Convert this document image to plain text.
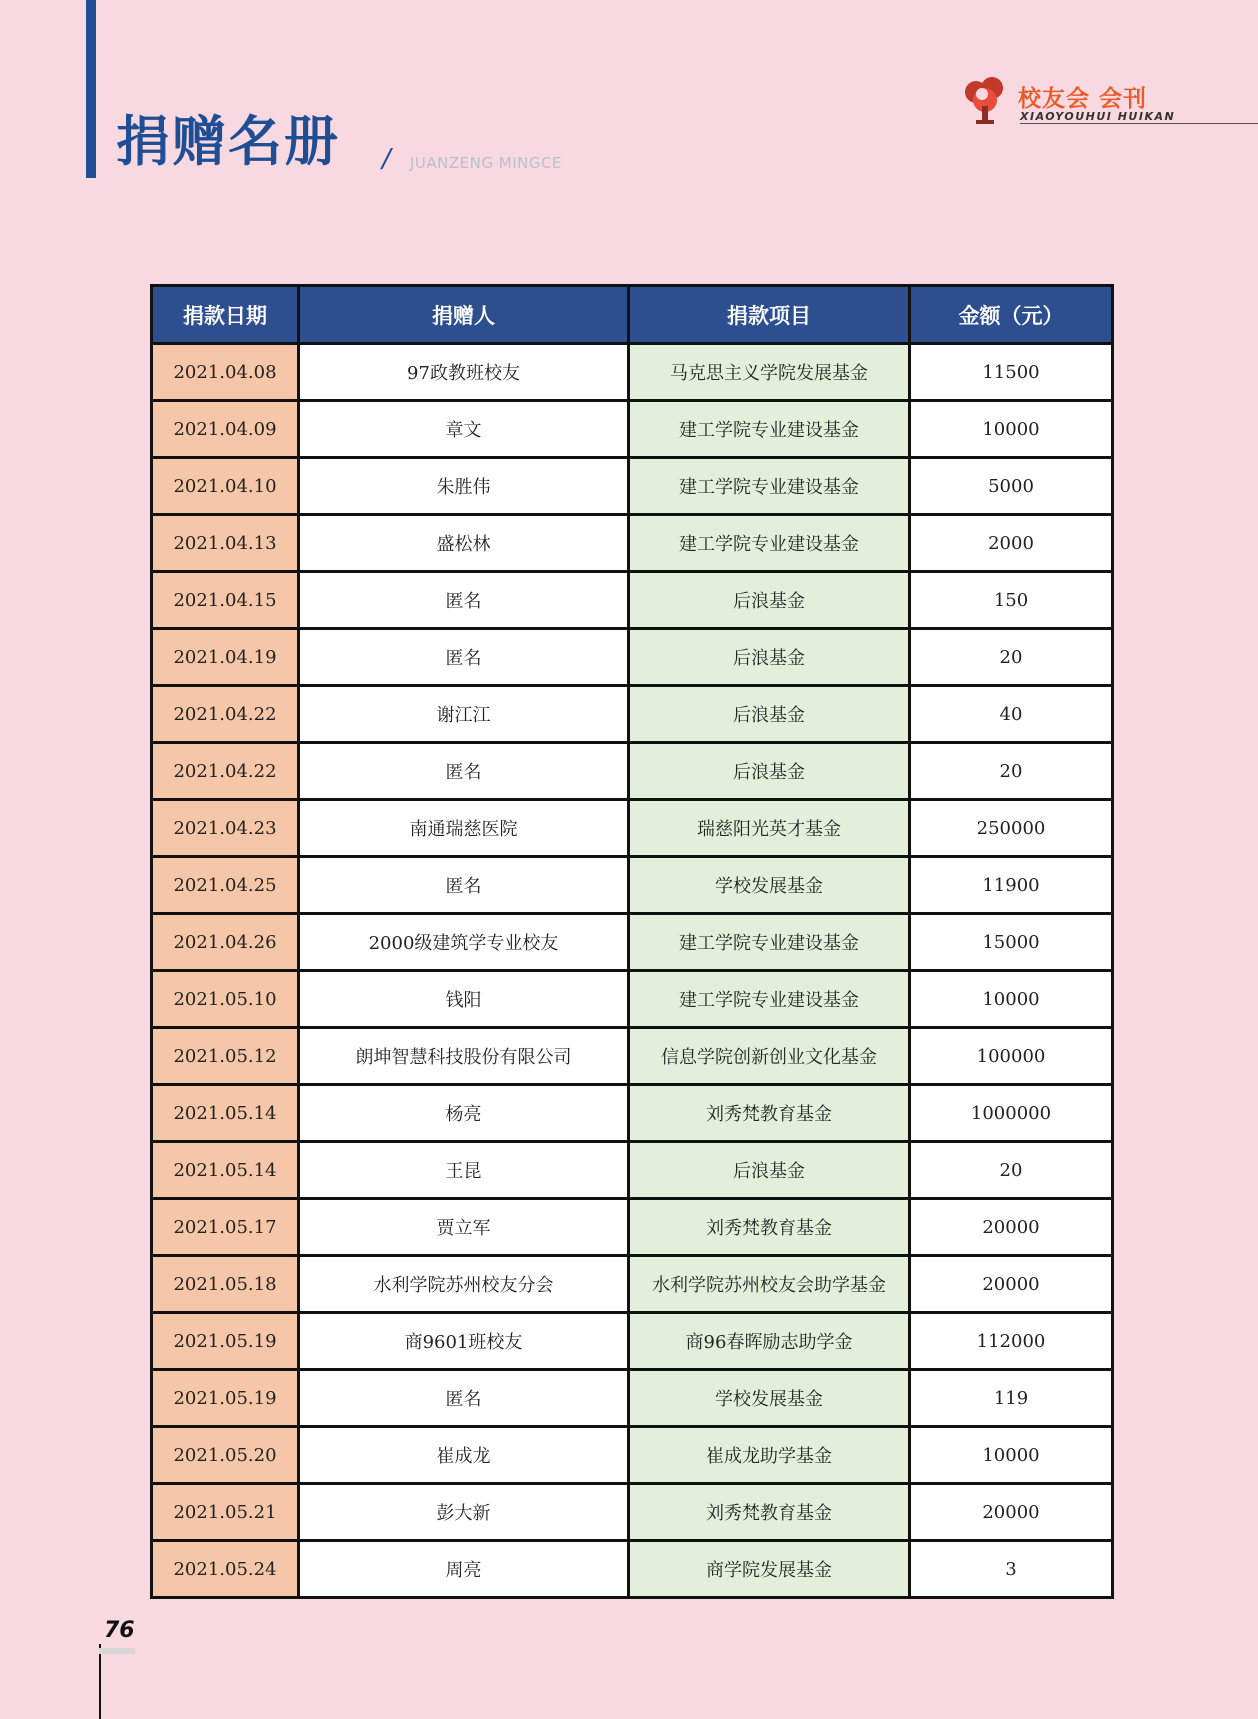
捐赠名册 / JUANZENG MINGCE
校友会 会刊
XIAOYOUHUI HUIKAN
捐款日期	捐赠人	捐款项目	金额（元）
2021.04.08	97政教班校友	马克思主义学院发展基金	11500
2021.04.09	章文	建工学院专业建设基金	10000
2021.04.10	朱胜伟	建工学院专业建设基金	5000
2021.04.13	盛松林	建工学院专业建设基金	2000
2021.04.15	匿名	后浪基金	150
2021.04.19	匿名	后浪基金	20
2021.04.22	谢江江	后浪基金	40
2021.04.22	匿名	后浪基金	20
2021.04.23	南通瑞慈医院	瑞慈阳光英才基金	250000
2021.04.25	匿名	学校发展基金	11900
2021.04.26	2000级建筑学专业校友	建工学院专业建设基金	15000
2021.05.10	钱阳	建工学院专业建设基金	10000
2021.05.12	朗坤智慧科技股份有限公司	信息学院创新创业文化基金	100000
2021.05.14	杨亮	刘秀梵教育基金	1000000
2021.05.14	王昆	后浪基金	20
2021.05.17	贾立军	刘秀梵教育基金	20000
2021.05.18	水利学院苏州校友分会	水利学院苏州校友会助学基金	20000
2021.05.19	商9601班校友	商96春晖励志助学金	112000
2021.05.19	匿名	学校发展基金	119
2021.05.20	崔成龙	崔成龙助学基金	10000
2021.05.21	彭大新	刘秀梵教育基金	20000
2021.05.24	周亮	商学院发展基金	3
76
